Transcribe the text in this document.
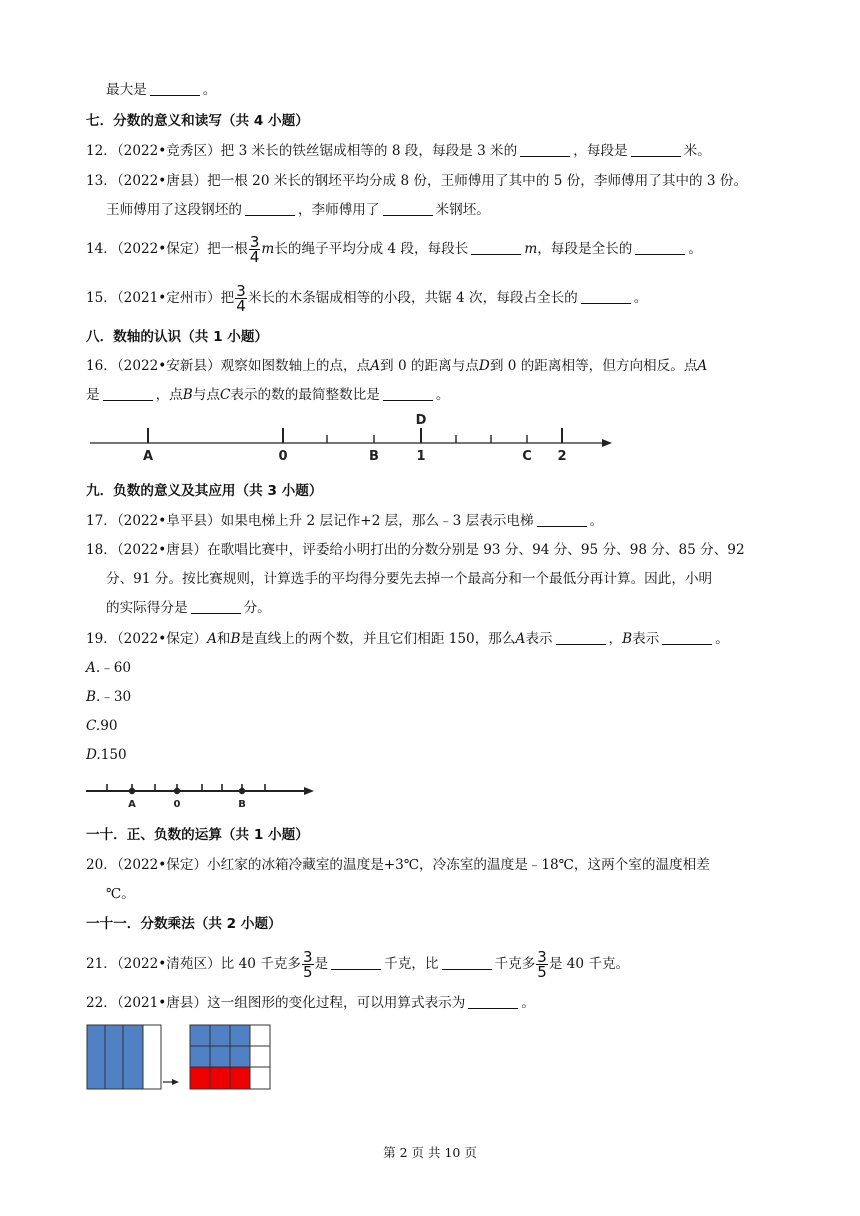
最大是	。
七．分数的意义和读写（共 4 小题）
12．（2022•竞秀区）把 3 米长的铁丝锯成相等的 8 段，每段是 3 米的	，每段是	米。
13．（2022•唐县）把一根 20 米长的钢坯平均分成 8 份，王师傅用了其中的 5 份，李师傅用了其中的 3 份。
王师傅用了这段钢坯的	，李师傅用了	米钢坯。
14．（2022•保定）把一根 $\frac{3}{4}$ m长的绳子平均分成 4 段，每段长	m，每段是全长的	。
15．（2021•定州市）把 $\frac{3}{4}$ 米长的木条锯成相等的小段，共锯 4 次，每段占全长的	。
八．数轴的认识（共 1 小题）
16．（2022•安新县）观察如图数轴上的点，点A到 0 的距离与点D到 0 的距离相等，但方向相反。点A
是	，点B与点C表示的数的最简整数比是	。
A	0	B
D
1	C 2
九．负数的意义及其应用（共 3 小题）
17．（2022•阜平县）如果电梯上升 2 层记作+2 层，那么﹣3 层表示电梯	。
18．（2022•唐县）在歌唱比赛中，评委给小明打出的分数分别是 93 分、94 分、95 分、98 分、85 分、92
分、91 分。按比赛规则，计算选手的平均得分要先去掉一个最高分和一个最低分再计算。因此，小明
的实际得分是	分。
19．（2022•保定）A和B是直线上的两个数，并且它们相距 150，那么A表示	，B表示	。
A.﹣60
B.﹣30
C.90
D.150
A	0	B
一十．正、负数的运算（共 1 小题）
20．（2022•保定）小红家的冰箱冷藏室的温度是+3℃，冷冻室的温度是﹣18℃，这两个室的温度相差
℃。
一十一．分数乘法（共 2 小题）
21．（2022•清苑区）比 40 千克多 $\frac{3}{5}$ 是	千克，比	千克多 $\frac{3}{5}$ 是 40 千克。
22．（2021•唐县）这一组图形的变化过程，可以用算式表示为	。
第 2 页 共 10 页
